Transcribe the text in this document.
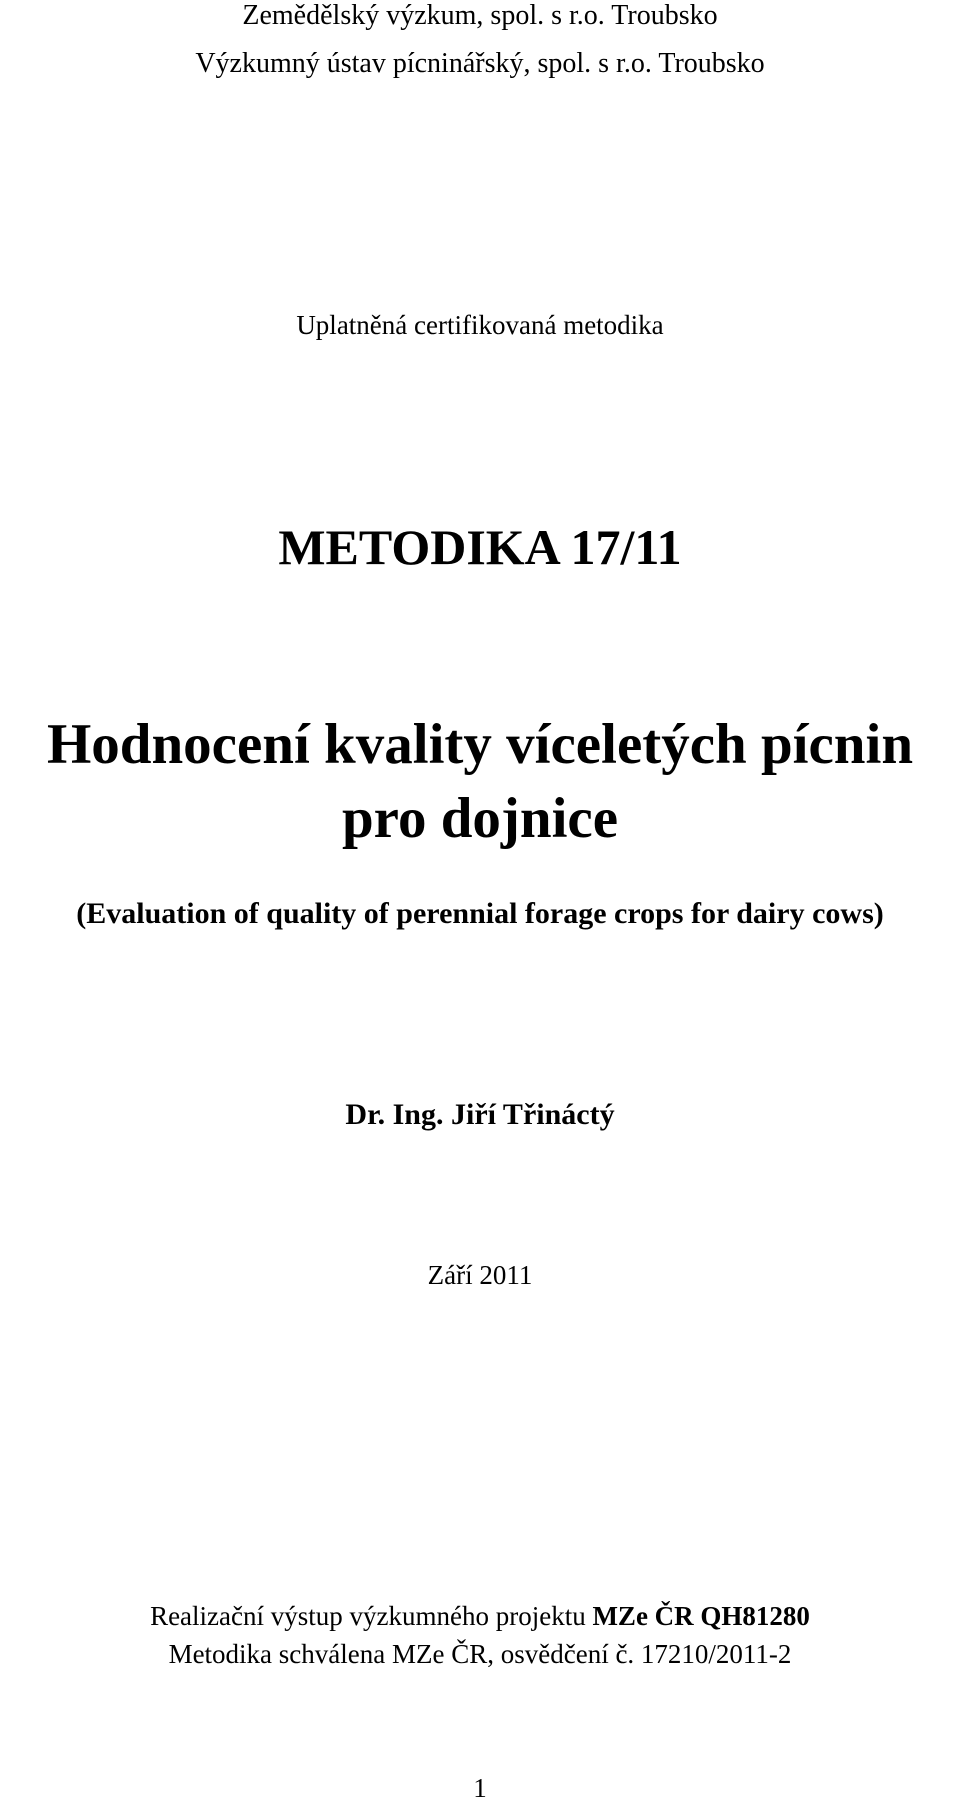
Zemědělský výzkum, spol. s r.o. Troubsko
Výzkumný ústav pícninářský, spol. s r.o. Troubsko
Uplatněná certifikovaná metodika
METODIKA 17/11
Hodnocení kvality víceletých pícnin
pro dojnice
(Evaluation of quality of perennial forage crops for dairy cows)
Dr. Ing. Jiří Třináctý
Září 2011
Realizační výstup výzkumného projektu MZe ČR QH81280
Metodika schválena MZe ČR, osvědčení č. 17210/2011-2
1
